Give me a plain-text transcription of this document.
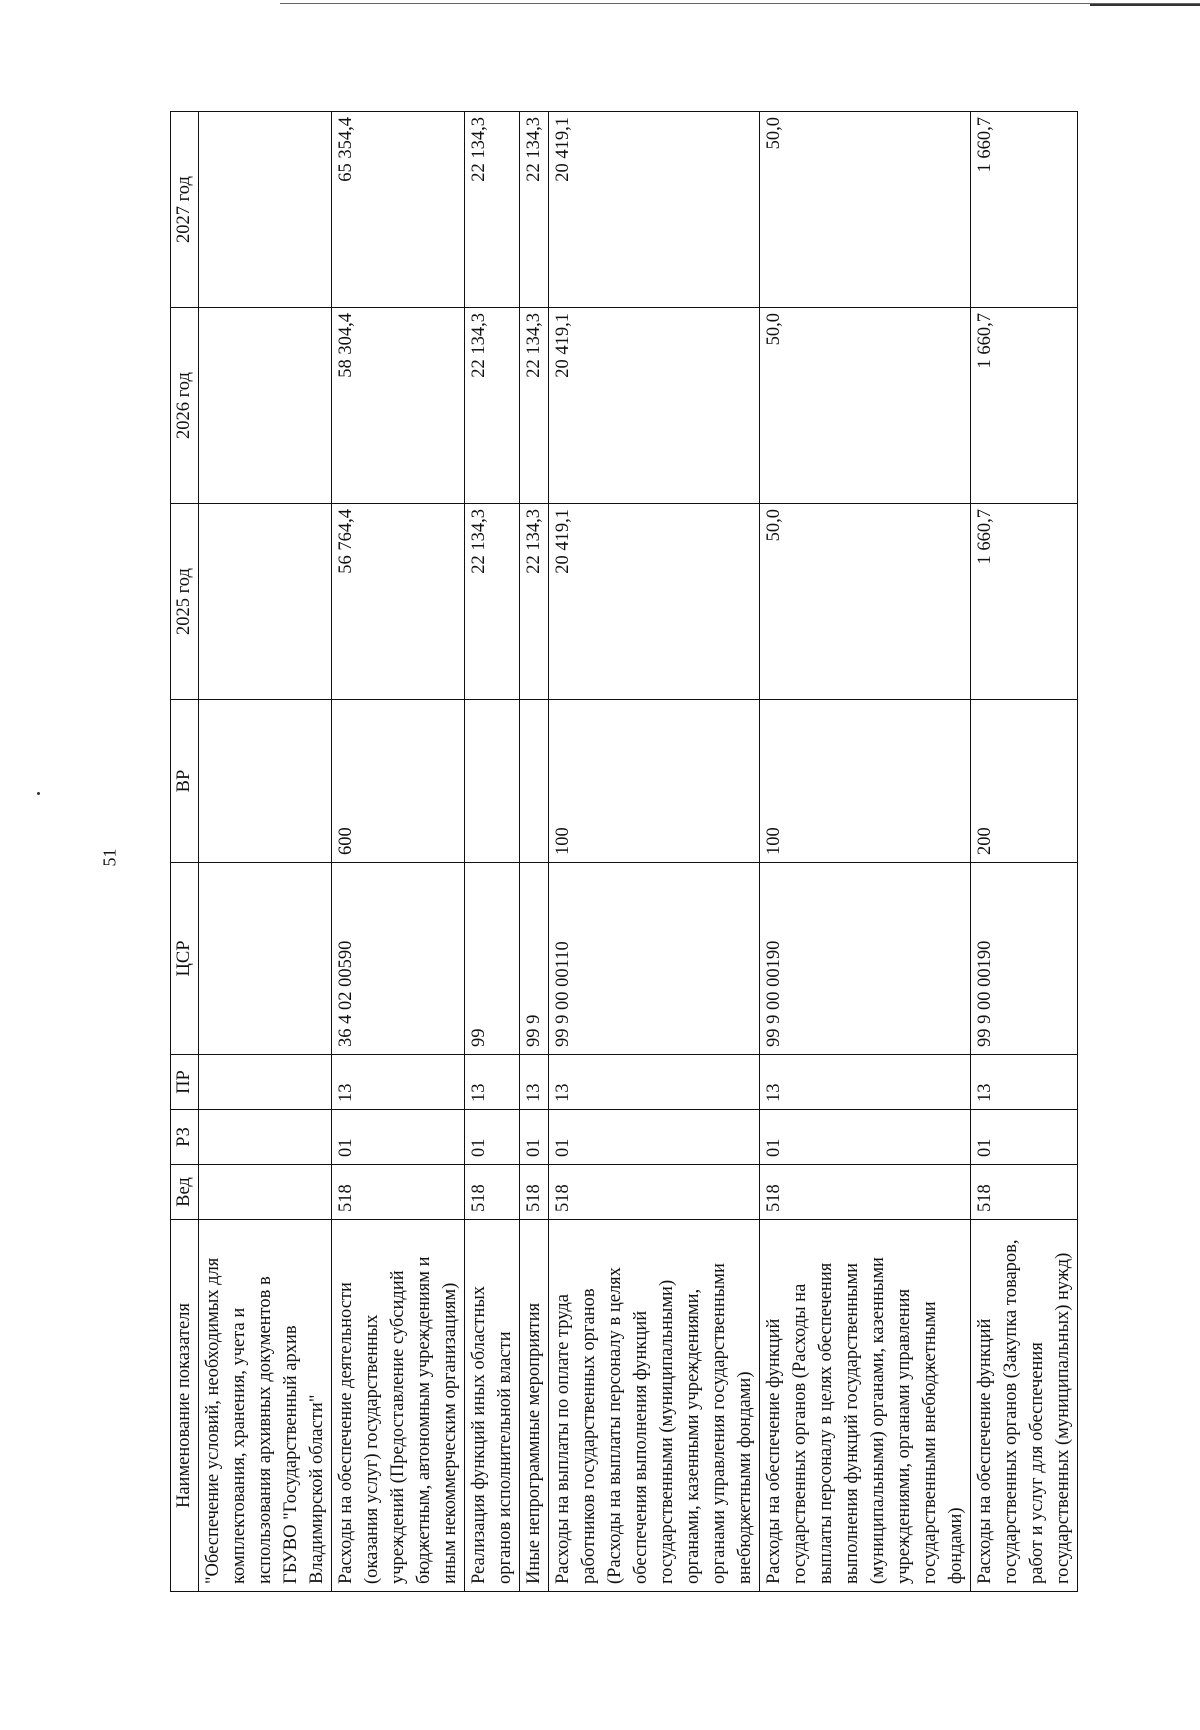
51
Наименование показателя	Вед	РЗ	ПР	ЦСР	ВР	2025 год	2026 год	2027 год
"Обеспечение условий, необходимых для комплектования, хранения, учета и использования архивных документов в ГБУВО "Государственный архив Владимирской области"								
Расходы на обеспечение деятельности (оказания услуг) государственных учреждений (Предоставление субсидий бюджетным, автономным учреждениям и иным некоммерческим организациям)	518	01	13	36 4 02 00590	600	56 764,4	58 304,4	65 354,4
Реализация функций иных областных органов исполнительной власти	518	01	13	99		22 134,3	22 134,3	22 134,3
Иные непрограммные мероприятия	518	01	13	99 9		22 134,3	22 134,3	22 134,3
Расходы на выплаты по оплате труда работников государственных органов (Расходы на выплаты персоналу в целях обеспечения выполнения функций государственными (муниципальными) органами, казенными учреждениями, органами управления государственными внебюджетными фондами)	518	01	13	99 9 00 00110	100	20 419,1	20 419,1	20 419,1
Расходы на обеспечение функций государственных органов (Расходы на выплаты персоналу в целях обеспечения выполнения функций государственными (муниципальными) органами, казенными учреждениями, органами управления государственными внебюджетными фондами)	518	01	13	99 9 00 00190	100	50,0	50,0	50,0
Расходы на обеспечение функций государственных органов (Закупка товаров, работ и услуг для обеспечения государственных (муниципальных) нужд)	518	01	13	99 9 00 00190	200	1 660,7	1 660,7	1 660,7
